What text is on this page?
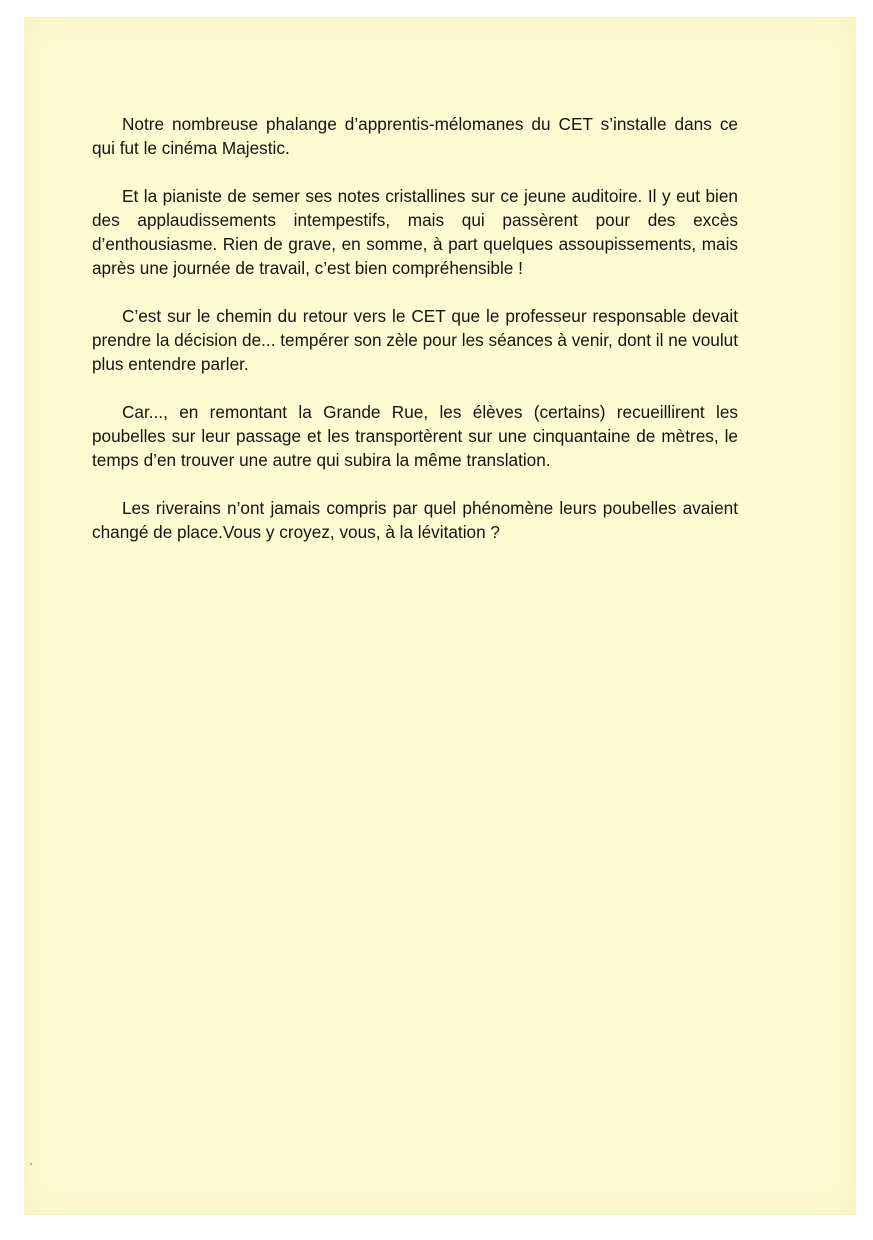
Notre nombreuse phalange d’apprentis-mélomanes du CET s’installe dans ce qui fut le cinéma Majestic.

Et la pianiste de semer ses notes cristallines sur ce jeune auditoire. Il y eut bien des applaudissements intempestifs, mais qui passèrent pour des excès d’enthousiasme. Rien de grave, en somme, à part quelques assoupissements, mais après une journée de travail, c’est bien compréhensible !

C’est sur le chemin du retour vers le CET que le professeur responsable devait prendre la décision de... tempérer son zèle pour les séances à venir, dont il ne voulut plus entendre parler.

Car..., en remontant la Grande Rue, les élèves (certains) recueillirent les poubelles sur leur passage et les transportèrent sur une cinquantaine de mètres, le temps d’en trouver une autre qui subira la même translation.

Les riverains n’ont jamais compris par quel phénomène leurs poubelles avaient changé de place.Vous y croyez, vous, à la lévitation ?
